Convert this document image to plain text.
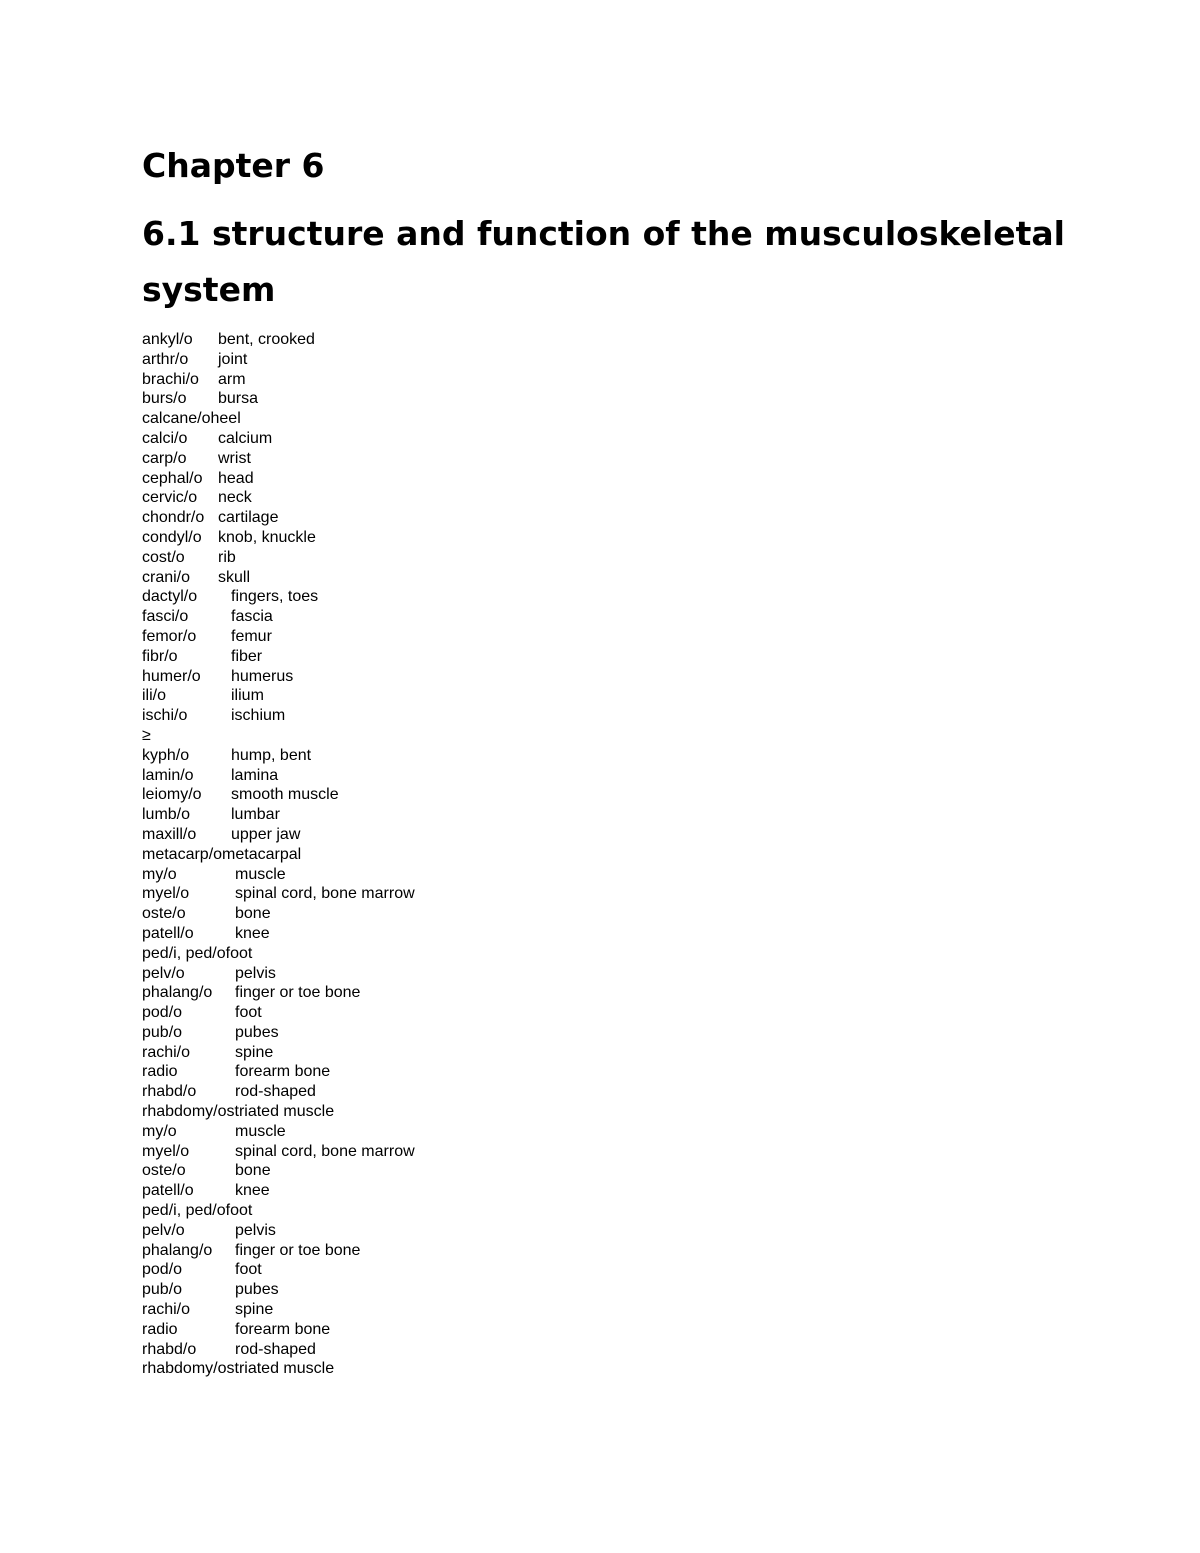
Chapter 6
6.1 structure and function of the musculoskeletal system
ankyl/o	bent, crooked
arthr/o	joint
brachi/o	arm
burs/o	bursa
calcane/o heel
calci/o	calcium
carp/o	wrist
cephal/o head
cervic/o	neck
chondr/o cartilage
condyl/o	knob, knuckle
cost/o	rib
crani/o	skull
dactyl/o	fingers, toes
fasci/o	fascia
femor/o	femur
fibr/o	fiber
humer/o	humerus
ili/o	ilium
ischi/o	ischium
≥
kyph/o	hump, bent
lamin/o	lamina
leiomy/o	smooth muscle
lumb/o	lumbar
maxill/o	upper jaw
metacarp/o metacarpal
my/o	muscle
myel/o	spinal cord, bone marrow
oste/o	bone
patell/o	knee
ped/i, ped/o foot
pelv/o	pelvis
phalang/o	finger or toe bone
pod/o	foot
pub/o	pubes
rachi/o	spine
radio	forearm bone
rhabd/o	rod-shaped
rhabdomy/o striated muscle
my/o	muscle
myel/o	spinal cord, bone marrow
oste/o	bone
patell/o	knee
ped/i, ped/o foot
pelv/o	pelvis
phalang/o	finger or toe bone
pod/o	foot
pub/o	pubes
rachi/o	spine
radio	forearm bone
rhabd/o	rod-shaped
rhabdomy/o striated muscle
